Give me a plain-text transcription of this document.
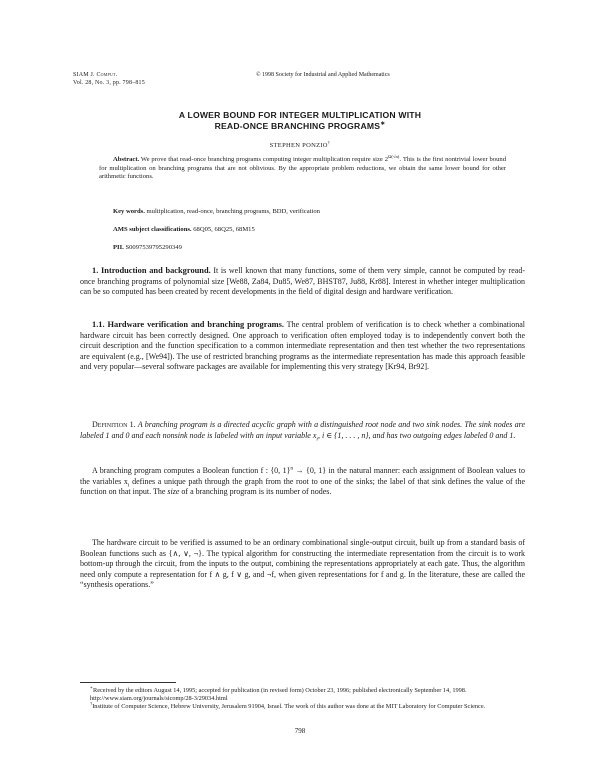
SIAM J. Comput.
Vol. 28, No. 3, pp. 798–815
© 1998 Society for Industrial and Applied Mathematics
A LOWER BOUND FOR INTEGER MULTIPLICATION WITH
READ-ONCE BRANCHING PROGRAMS∗
STEPHEN PONZIO†
Abstract. We prove that read-once branching programs computing integer multiplication require size $2^{\Omega(√n)}$. This is the first nontrivial lower bound for multiplication on branching programs that are not oblivious. By the appropriate problem reductions, we obtain the same lower bound for other arithmetic functions.
Key words. multiplication, read-once, branching programs, BDD, verification
AMS subject classifications. 68Q05, 68Q25, 68M15
PII. S0097539795290349

1. Introduction and background. It is well known that many functions, some of them very simple, cannot be computed by read-once branching programs of polynomial size [We88, Za84, Du85, We87, BHST87, Ju88, Kr88]. Interest in whether integer multiplication can be so computed has been created by recent developments in the field of digital design and hardware verification.

1.1. Hardware verification and branching programs. The central problem of verification is to check whether a combinational hardware circuit has been correctly designed. One approach to verification often employed today is to independently convert both the circuit description and the function specification to a common intermediate representation and then test whether the two representations are equivalent (e.g., [We94]). The use of restricted branching programs as the intermediate representation has made this approach feasible and very popular—several software packages are available for implementing this very strategy [Kr94, Br92].

Definition 1. A branching program is a directed acyclic graph with a distinguished root node and two sink nodes. The sink nodes are labeled 1 and 0 and each nonsink node is labeled with an input variable $x_i$, i ∈ {1, . . . , n}, and has two outgoing edges labeled 0 and 1.

A branching program computes a Boolean function f : {0, 1}$^n$ → {0, 1} in the natural manner: each assignment of Boolean values to the variables $x_i$ defines a unique path through the graph from the root to one of the sinks; the label of that sink defines the value of the function on that input. The size of a branching program is its number of nodes.

The hardware circuit to be verified is assumed to be an ordinary combinational single-output circuit, built up from a standard basis of Boolean functions such as {∧, ∨, ¬}. The typical algorithm for constructing the intermediate representation from the circuit is to work bottom-up through the circuit, from the inputs to the output, combining the representations appropriately at each gate. Thus, the algorithm need only compute a representation for f ∧ g, f ∨ g, and ¬f, when given representations for f and g. In the literature, these are called the “synthesis operations.”

∗Received by the editors August 14, 1995; accepted for publication (in revised form) October 23, 1996; published electronically September 14, 1998.

http://www.siam.org/journals/sicomp/28-3/29034.html

†Institute of Computer Science, Hebrew University, Jerusalem 91904, Israel. The work of this author was done at the MIT Laboratory for Computer Science.

798
